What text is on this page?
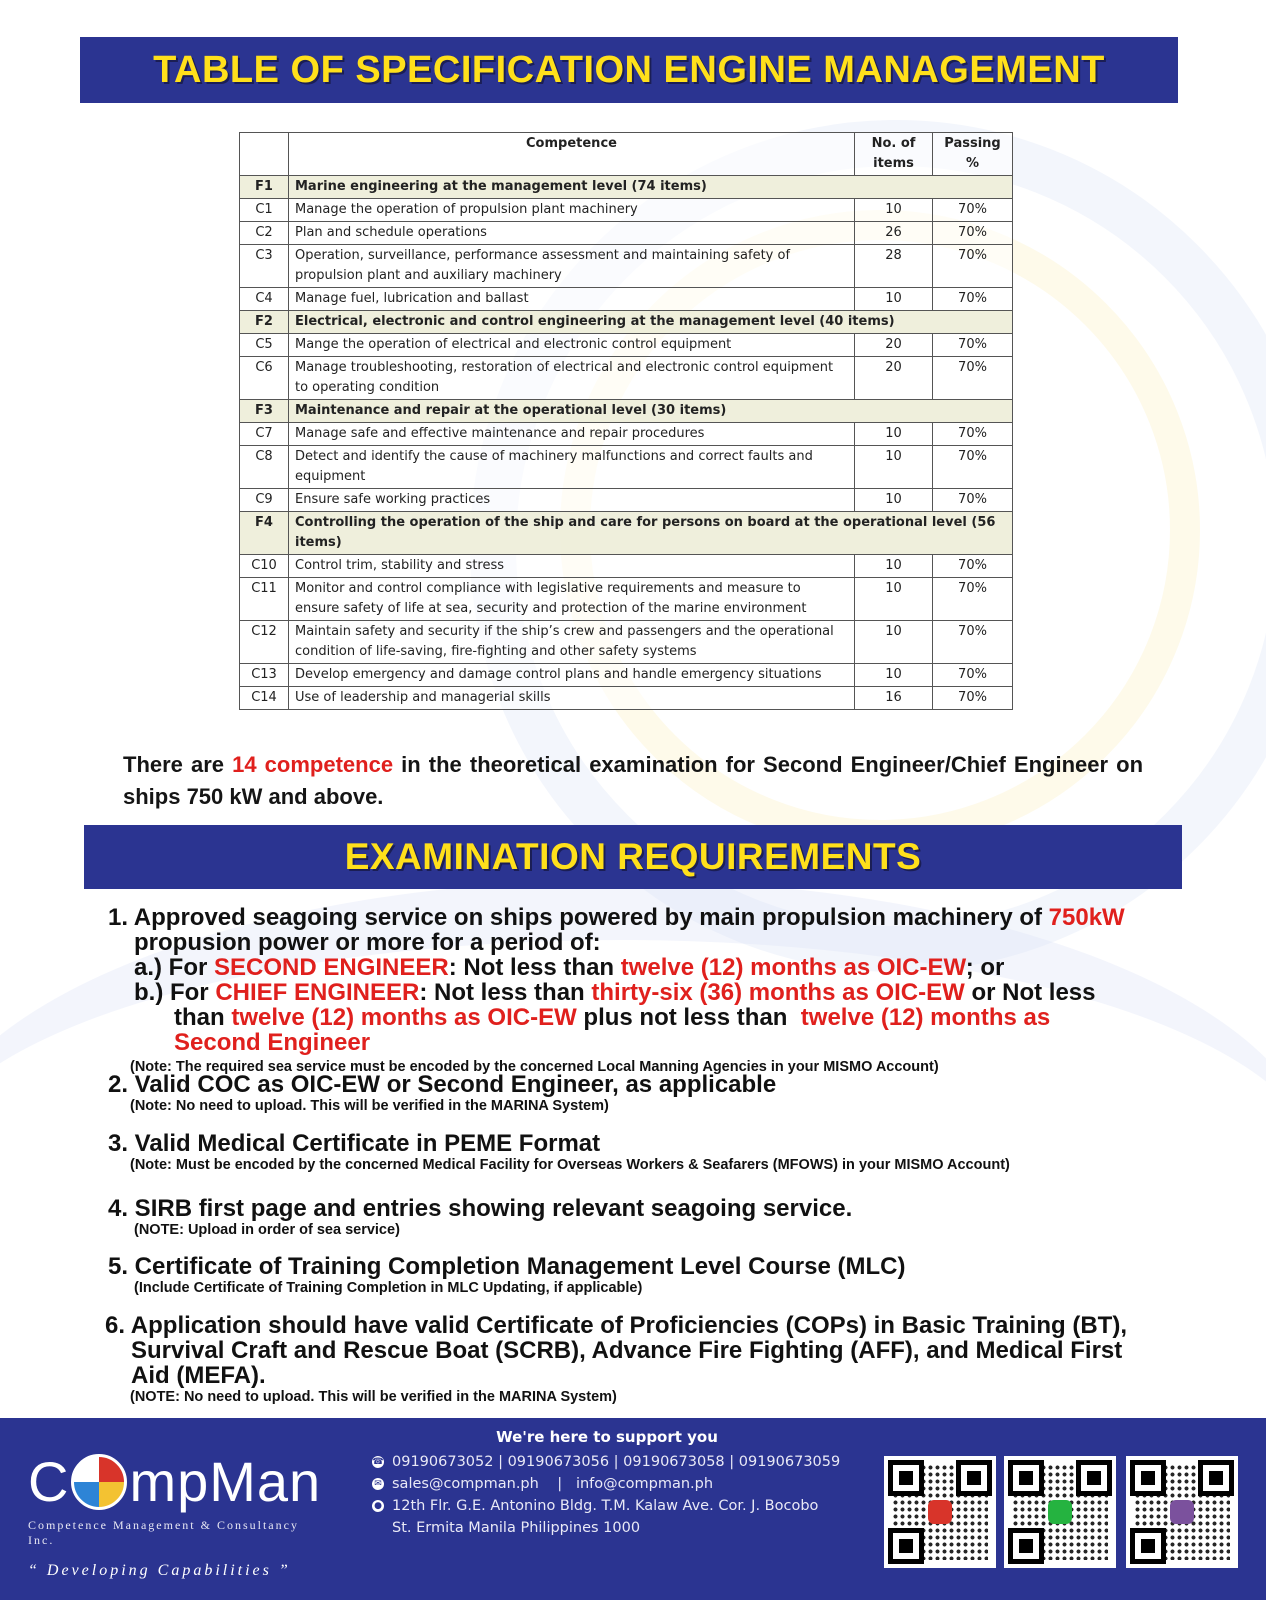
TABLE OF SPECIFICATION ENGINE MANAGEMENT
	Competence	No. of items	Passing %
F1	Marine engineering at the management level (74 items)		
C1	Manage the operation of propulsion plant machinery	10	70%
C2	Plan and schedule operations	26	70%
C3	Operation, surveillance, performance assessment and maintaining safety of propulsion plant and auxiliary machinery	28	70%
C4	Manage fuel, lubrication and ballast	10	70%
F2	Electrical, electronic and control engineering at the management level (40 items)		
C5	Mange the operation of electrical and electronic control equipment	20	70%
C6	Manage troubleshooting, restoration of electrical and electronic control equipment to operating condition	20	70%
F3	Maintenance and repair at the operational level (30 items)		
C7	Manage safe and effective maintenance and repair procedures	10	70%
C8	Detect and identify the cause of machinery malfunctions and correct faults and equipment	10	70%
C9	Ensure safe working practices	10	70%
F4	Controlling the operation of the ship and care for persons on board at the operational level (56 items)		
C10	Control trim, stability and stress	10	70%
C11	Monitor and control compliance with legislative requirements and measure to ensure safety of life at sea, security and protection of the marine environment	10	70%
C12	Maintain safety and security if the ship’s crew and passengers and the operational condition of life-saving, fire-fighting and other safety systems	10	70%
C13	Develop emergency and damage control plans and handle emergency situations	10	70%
C14	Use of leadership and managerial skills	16	70%

There are 14 competence in the theoretical examination for Second Engineer/Chief Engineer on ships 750 kW and above.

EXAMINATION REQUIREMENTS
1. Approved seagoing service on ships powered by main propulsion machinery of 750kW
propusion power or more for a period of:
a.) For SECOND ENGINEER: Not less than twelve (12) months as OIC-EW; or
b.) For CHIEF ENGINEER: Not less than thirty-six (36) months as OIC-EW or Not less
than twelve (12) months as OIC-EW plus not less than twelve (12) months as Second Engineer
(Note: The required sea service must be encoded by the concerned Local Manning Agencies in your MISMO Account)
2. Valid COC as OIC-EW or Second Engineer, as applicable
(Note: No need to upload. This will be verified in the MARINA System)
3. Valid Medical Certificate in PEME Format
(Note: Must be encoded by the concerned Medical Facility for Overseas Workers & Seafarers (MFOWS) in your MISMO Account)
4. SIRB first page and entries showing relevant seagoing service.
(NOTE: Upload in order of sea service)
5. Certificate of Training Completion Management Level Course (MLC)
(Include Certificate of Training Completion in MLC Updating, if applicable)
6. Application should have valid Certificate of Proficiencies (COPs) in Basic Training (BT), Survival Craft and Rescue Boat (SCRB), Advance Fire Fighting (AFF), and Medical First Aid (MEFA).
(NOTE: No need to upload. This will be verified in the MARINA System)
C mpMan
Competence Management & Consultancy Inc.
“ Developing Capabilities ”
We're here to support you
☎ 09190673052 | 09190673056 | 09190673058 | 09190673059
✉ sales@compman.ph    |   info@compman.ph
● 12th Flr. G.E. Antonino Bldg. T.M. Kalaw Ave. Cor. J. Bocobo
St. Ermita Manila Philippines 1000
